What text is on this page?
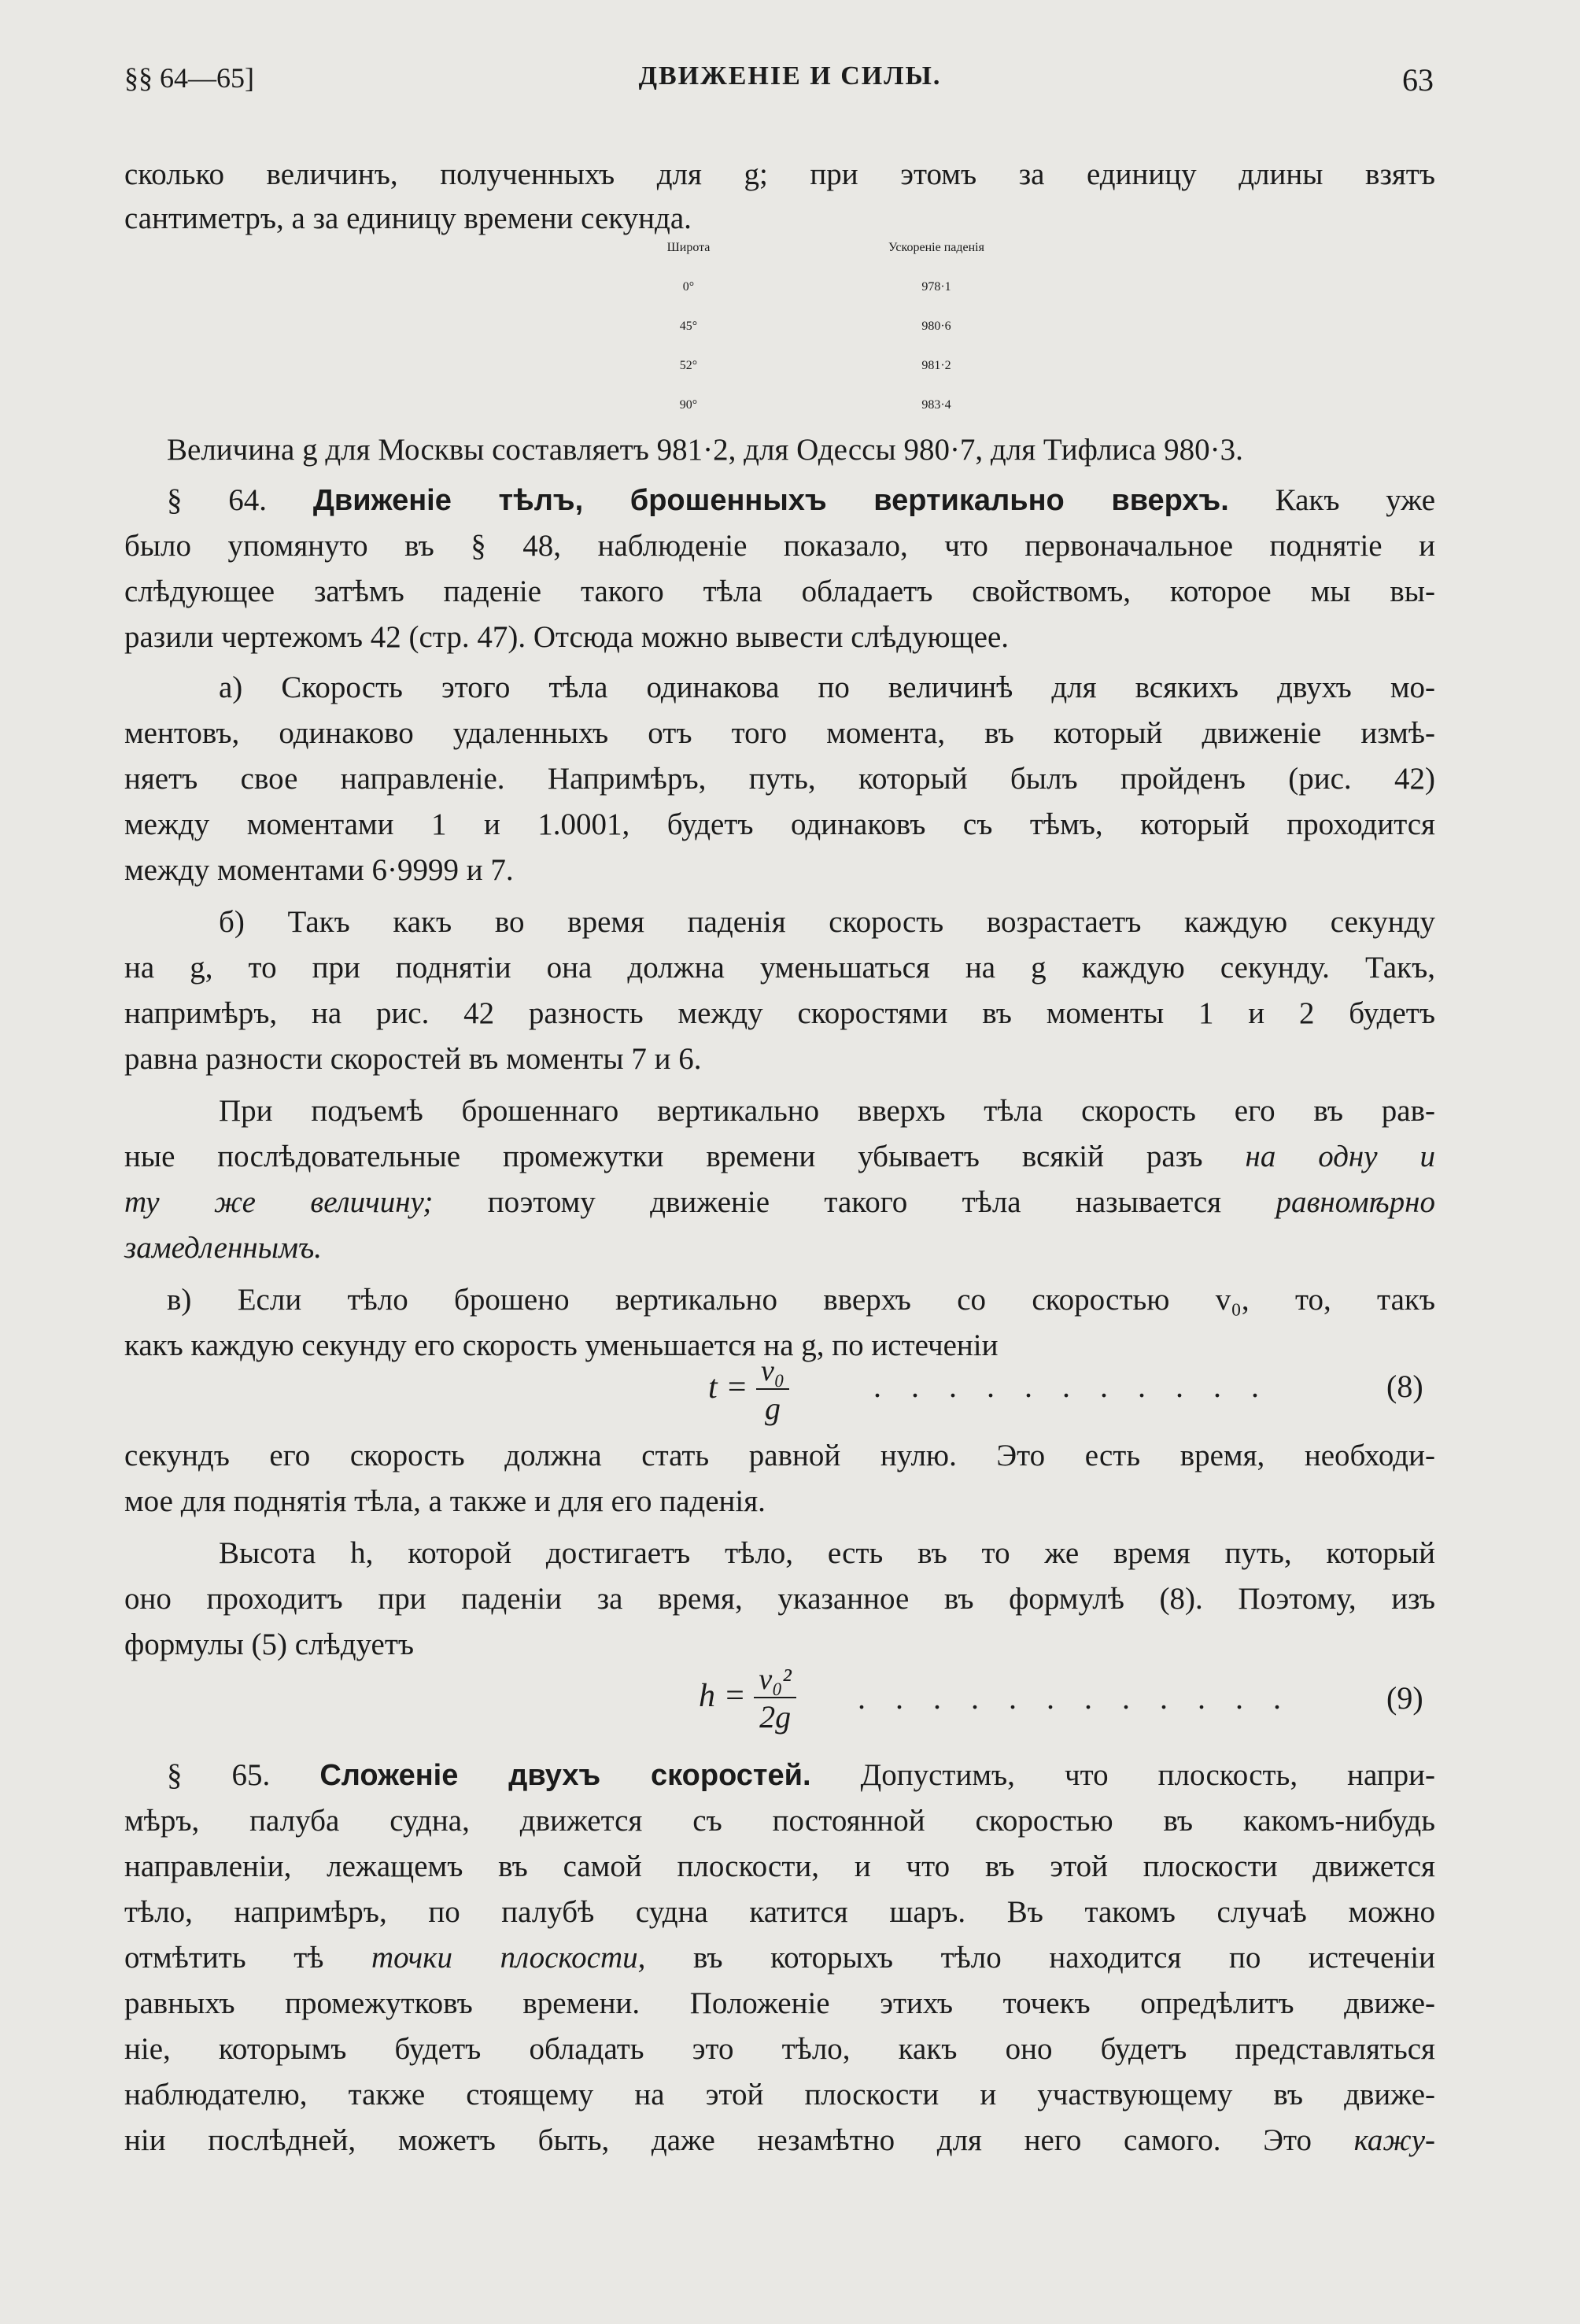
§§ 64—65]	ДВИЖЕНIЕ И СИЛЫ.	63
сколько величинъ, полученныхъ для g; при этомъ за единицу длины взятъ
сантиметръ, а за единицу времени секунда.
Широта	Ускоренiе паденiя
0°	978·1
45°	980·6
52°	981·2
90°	983·4
Величина g для Москвы составляетъ 981·2, для Одессы 980·7, для Тифлиса 980·3.
§ 64. Движенiе тѣлъ, брошенныхъ вертикально вверхъ. Какъ уже
было упомянуто въ § 48, наблюденiе показало, что первоначальное поднятiе и
слѣдующее затѣмъ паденiе такого тѣла обладаетъ свойствомъ, которое мы вы-
разили чертежомъ 42 (стр. 47). Отсюда можно вывести слѣдующее.
а) Скорость этого тѣла одинакова по величинѣ для всякихъ двухъ мо-
ментовъ, одинаково удаленныхъ отъ того момента, въ который движенiе измѣ-
няетъ свое направленiе. Напримѣръ, путь, который былъ пройденъ (рис. 42)
между моментами 1 и 1.0001, будетъ одинаковъ съ тѣмъ, который проходится
между моментами 6·9999 и 7.
б) Такъ какъ во время паденiя скорость возрастаетъ каждую секунду
на g, то при поднятiи она должна уменьшаться на g каждую секунду. Такъ,
напримѣръ, на рис. 42 разность между скоростями въ моменты 1 и 2 будетъ
равна разности скоростей въ моменты 7 и 6.
При подъемѣ брошеннаго вертикально вверхъ тѣла скорость его въ рав-
ные послѣдовательные промежутки времени убываетъ всякiй разъ на одну и
ту же величину; поэтому движенiе такого тѣла называется равномѣрно
замедленнымъ.
в) Если тѣло брошено вертикально вверхъ со скоростью v₀, то, такъ
какъ каждую секунду его скорость уменьшается на g, по истеченiи
$t = \frac{\text{v₀}}{g}$	. . . . . . . . . . .	(8)
секундъ его скорость должна стать равной нулю. Это есть время, необходи-
мое для поднятiя тѣла, а также и для его паденiя.
Высота h, которой достигаетъ тѣло, есть въ то же время путь, который
оно проходитъ при паденiи за время, указанное въ формулѣ (8). Поэтому, изъ
формулы (5) слѣдуетъ
$h = \frac{\text{v₀²}}{2g}$ . . . . . . . . . . . .	(9)
§ 65. Сложенiе двухъ скоростей. Допустимъ, что плоскость, напри-
мѣръ, палуба судна, движется съ постояннoй скоростью въ какомъ-нибудь
направленiи, лежащемъ въ самой плоскости, и что въ этой плоскости движется
тѣло, напримѣръ, по палубѣ судна катится шаръ. Въ такомъ случаѣ можно
отмѣтить тѣ точки плоскости, въ которыхъ тѣло находится по истеченiи
равныхъ промежутковъ времени. Положенiе этихъ точекъ опредѣлитъ движе-
нiе, которымъ будетъ обладать это тѣло, какъ оно будетъ представляться
наблюдателю, также стоящему на этой плоскости и участвующему въ движе-
нiи послѣдней, можетъ быть, даже незамѣтно для него самого. Это кажу-
